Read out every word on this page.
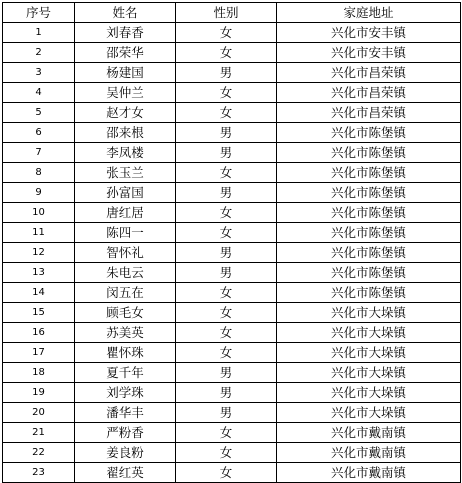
序号	姓名	性别	家庭地址
1	刘春香	女	兴化市安丰镇
2	邵荣华	女	兴化市安丰镇
3	杨建国	男	兴化市昌荣镇
4	吴仲兰	女	兴化市昌荣镇
5	赵才女	女	兴化市昌荣镇
6	邵来根	男	兴化市陈堡镇
7	李凤楼	男	兴化市陈堡镇
8	张玉兰	女	兴化市陈堡镇
9	孙富国	男	兴化市陈堡镇
10	唐红居	女	兴化市陈堡镇
11	陈四一	女	兴化市陈堡镇
12	智怀礼	男	兴化市陈堡镇
13	朱电云	男	兴化市陈堡镇
14	闵五在	女	兴化市陈堡镇
15	顾毛女	女	兴化市大垛镇
16	苏美英	女	兴化市大垛镇
17	瞿怀珠	女	兴化市大垛镇
18	夏千年	男	兴化市大垛镇
19	刘学珠	男	兴化市大垛镇
20	潘华丰	男	兴化市大垛镇
21	严粉香	女	兴化市戴南镇
22	姜良粉	女	兴化市戴南镇
23	翟红英	女	兴化市戴南镇
